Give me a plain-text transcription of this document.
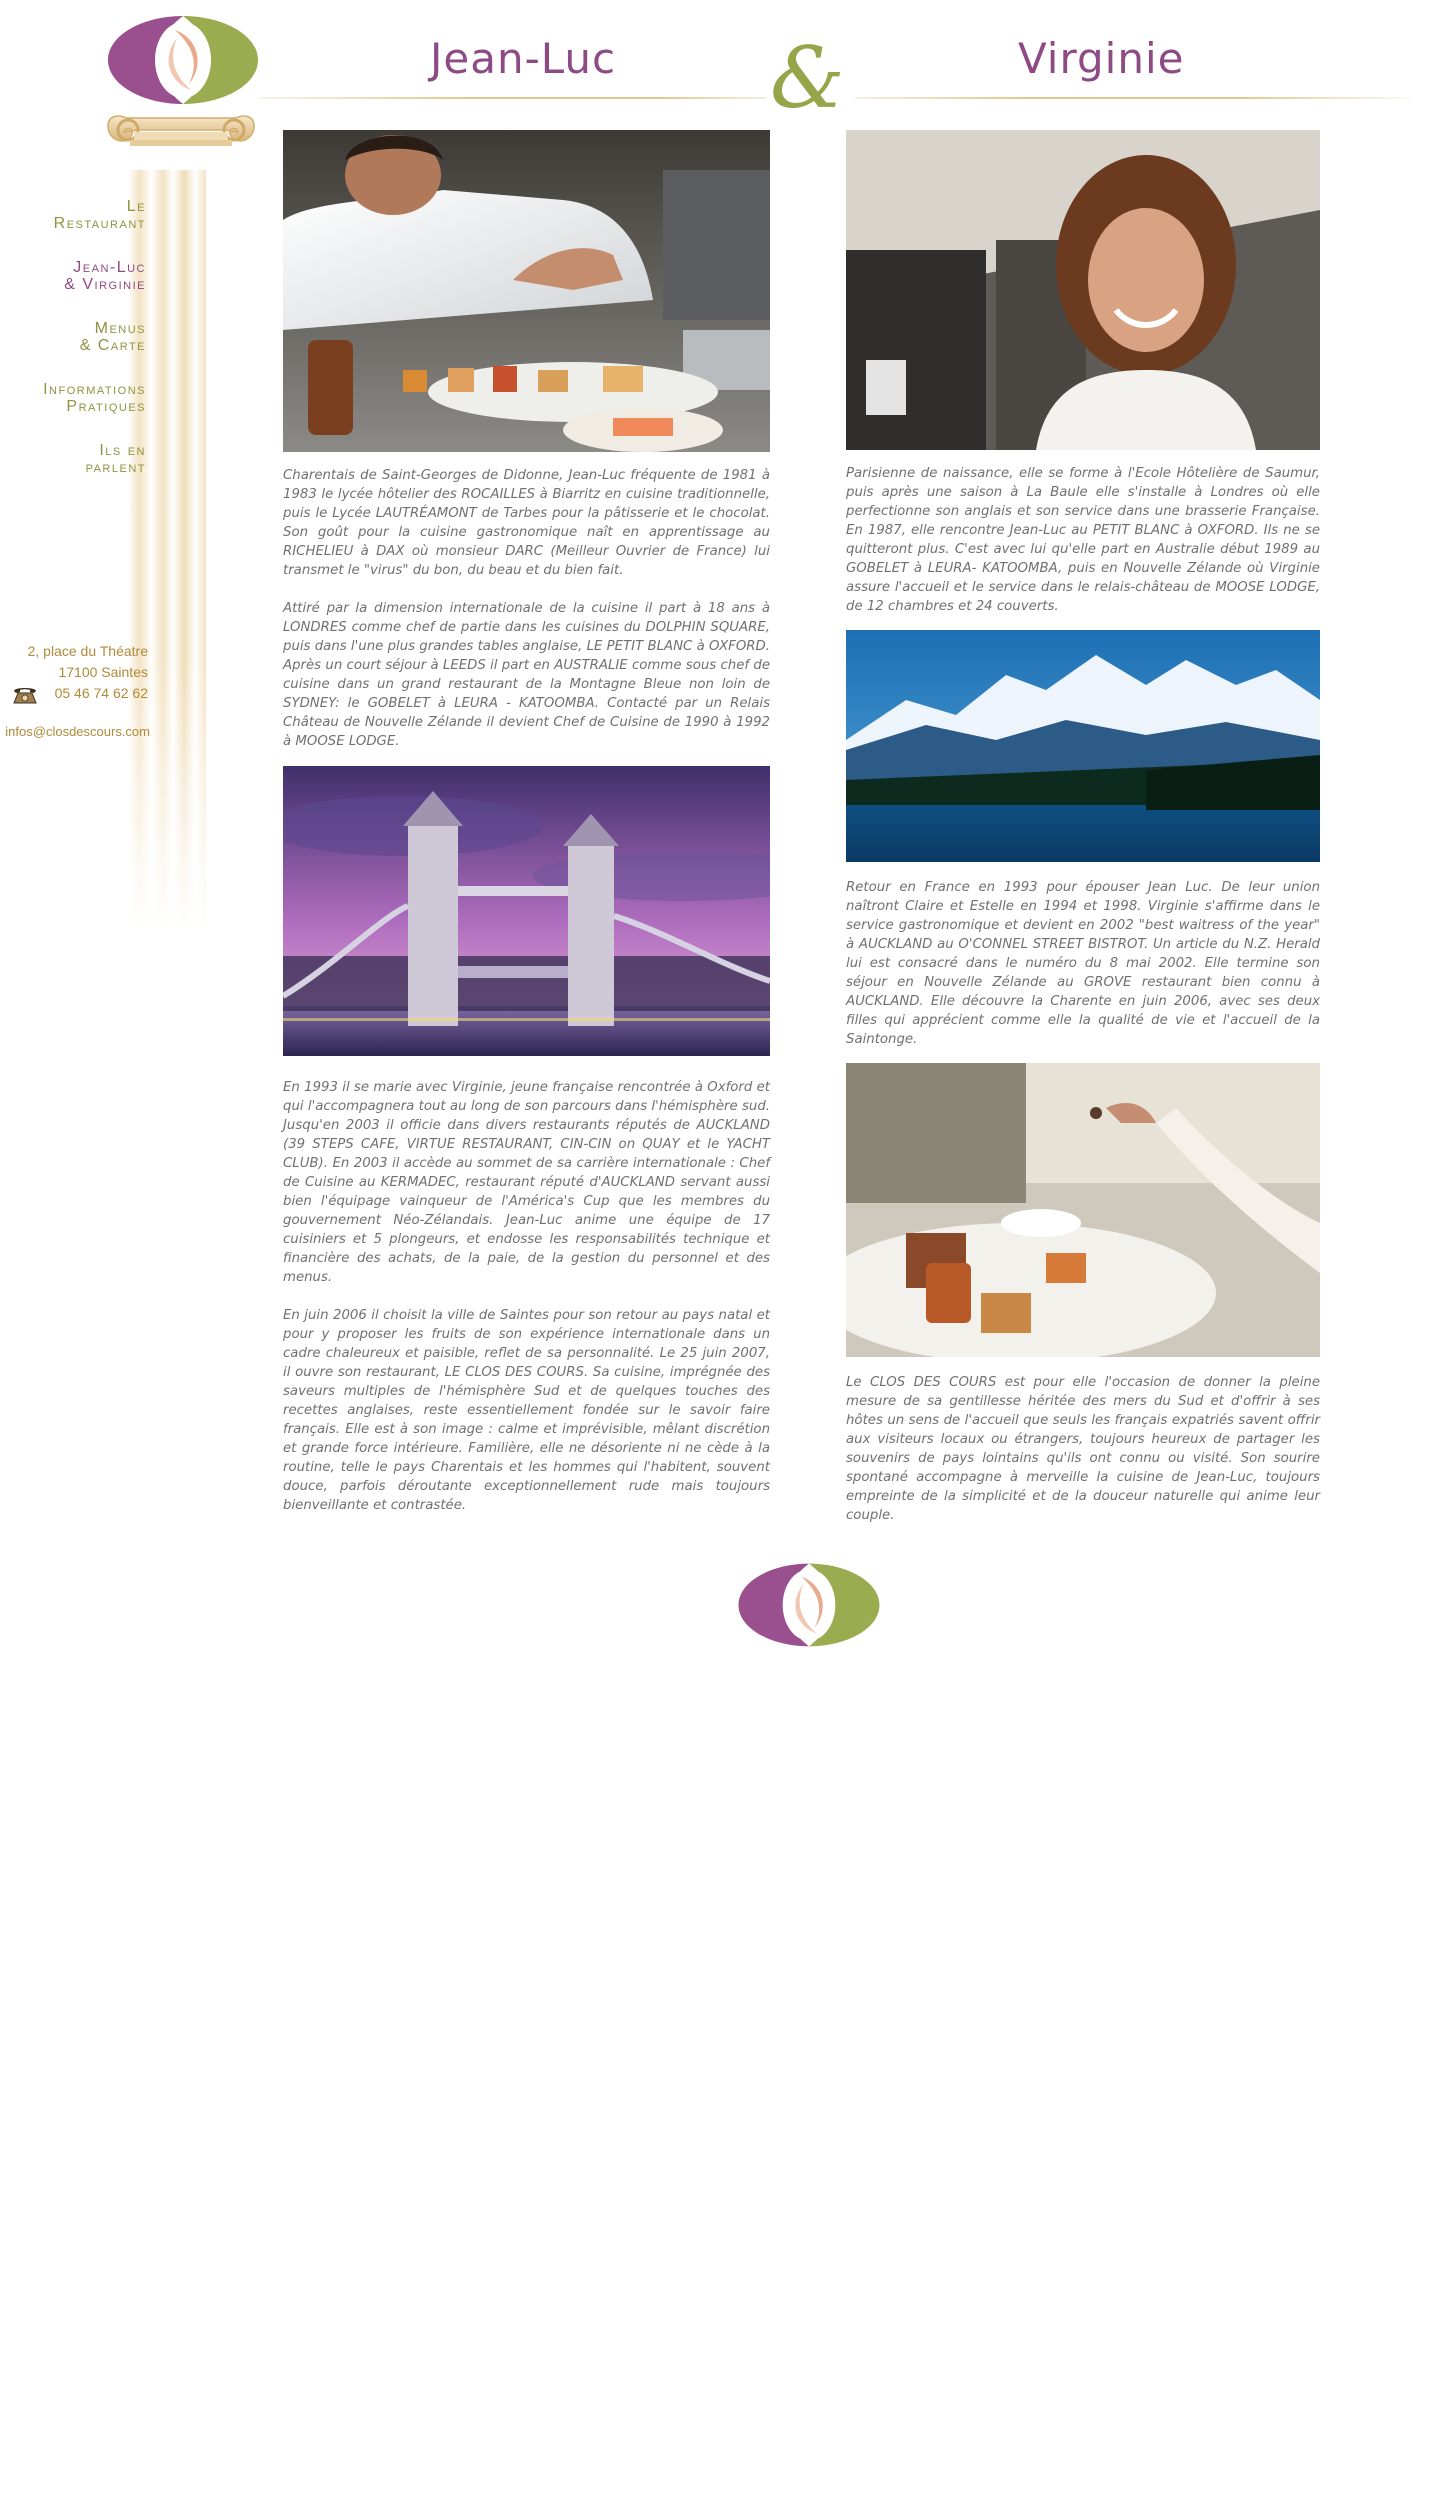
Jean-Luc &	Virginie
Le
Restaurant
Jean-Luc
& Virginie
Menus
& Carte
Informations
Pratiques
Ils en
parlent
2, place du Théatre
17100 Saintes
05 46 74 62 62
infos@closdescours.com

Charentais de Saint-Georges de Didonne, Jean-Luc fréquente de 1981 à 1983 le lycée hôtelier des ROCAILLES à Biarritz en cuisine traditionnelle, puis le Lycée LAUTRÉAMONT de Tarbes pour la pâtisserie et le chocolat. Son goût pour la cuisine gastronomique naît en apprentissage au RICHELIEU à DAX où monsieur DARC (Meilleur Ouvrier de France) lui transmet le "virus" du bon, du beau et du bien fait.

Attiré par la dimension internationale de la cuisine il part à 18 ans à LONDRES comme chef de partie dans les cuisines du DOLPHIN SQUARE, puis dans l'une plus grandes tables anglaise, LE PETIT BLANC à OXFORD. Après un court séjour à LEEDS il part en AUSTRALIE comme sous chef de cuisine dans un grand restaurant de la Montagne Bleue non loin de SYDNEY: le GOBELET à LEURA - KATOOMBA. Contacté par un Relais Château de Nouvelle Zélande il devient Chef de Cuisine de 1990 à 1992 à MOOSE LODGE.

En 1993 il se marie avec Virginie, jeune française rencontrée à Oxford et qui l'accompagnera tout au long de son parcours dans l'hémisphère sud. Jusqu'en 2003 il officie dans divers restaurants réputés de AUCKLAND (39 STEPS CAFE, VIRTUE RESTAURANT, CIN-CIN on QUAY et le YACHT CLUB). En 2003 il accède au sommet de sa carrière internationale : Chef de Cuisine au KERMADEC, restaurant réputé d'AUCKLAND servant aussi bien l'équipage vainqueur de l'América's Cup que les membres du gouvernement Néo-Zélandais. Jean-Luc anime une équipe de 17 cuisiniers et 5 plongeurs, et endosse les responsabilités technique et financière des achats, de la paie, de la gestion du personnel et des menus.

En juin 2006 il choisit la ville de Saintes pour son retour au pays natal et pour y proposer les fruits de son expérience internationale dans un cadre chaleureux et paisible, reflet de sa personnalité. Le 25 juin 2007, il ouvre son restaurant, LE CLOS DES COURS. Sa cuisine, imprégnée des saveurs multiples de l'hémisphère Sud et de quelques touches des recettes anglaises, reste essentiellement fondée sur le savoir faire français. Elle est à son image : calme et imprévisible, mêlant discrétion et grande force intérieure. Familière, elle ne désoriente ni ne cède à la routine, telle le pays Charentais et les hommes qui l'habitent, souvent douce, parfois déroutante exceptionnellement rude mais toujours bienveillante et contrastée.

Parisienne de naissance, elle se forme à l'Ecole Hôtelière de Saumur, puis après une saison à La Baule elle s'installe à Londres où elle perfectionne son anglais et son service dans une brasserie Française. En 1987, elle rencontre Jean-Luc au PETIT BLANC à OXFORD. Ils ne se quitteront plus. C'est avec lui qu'elle part en Australie début 1989 au GOBELET à LEURA- KATOOMBA, puis en Nouvelle Zélande où Virginie assure l'accueil et le service dans le relais-château de MOOSE LODGE, de 12 chambres et 24 couverts.

Retour en France en 1993 pour épouser Jean Luc. De leur union naîtront Claire et Estelle en 1994 et 1998. Virginie s'affirme dans le service gastronomique et devient en 2002 "best waitress of the year" à AUCKLAND au O'CONNEL STREET BISTROT. Un article du N.Z. Herald lui est consacré dans le numéro du 8 mai 2002. Elle termine son séjour en Nouvelle Zélande au GROVE restaurant bien connu à AUCKLAND. Elle découvre la Charente en juin 2006, avec ses deux filles qui apprécient comme elle la qualité de vie et l'accueil de la Saintonge.

Le CLOS DES COURS est pour elle l'occasion de donner la pleine mesure de sa gentillesse héritée des mers du Sud et d'offrir à ses hôtes un sens de l'accueil que seuls les français expatriés savent offrir aux visiteurs locaux ou étrangers, toujours heureux de partager les souvenirs de pays lointains qu'ils ont connu ou visité. Son sourire spontané accompagne à merveille la cuisine de Jean-Luc, toujours empreinte de la simplicité et de la douceur naturelle qui anime leur couple.
